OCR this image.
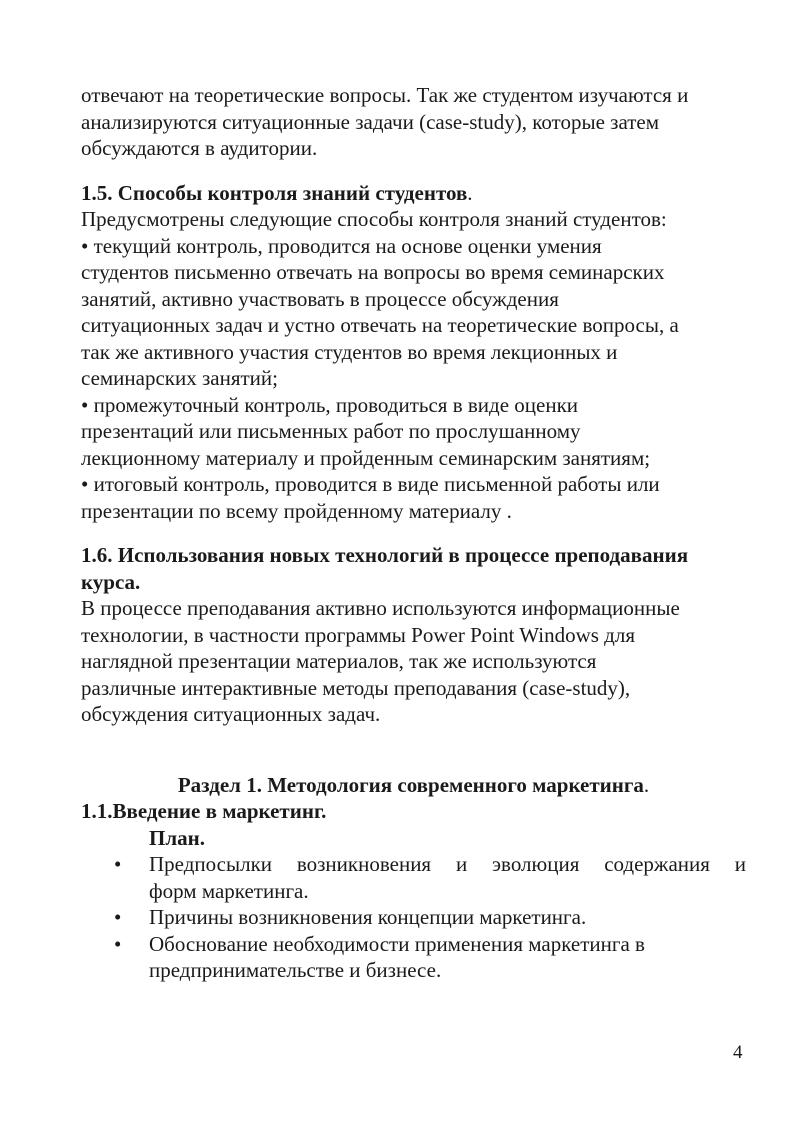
отвечают на теоретические вопросы. Так же студентом изучаются и
анализируются ситуационные задачи (case-study), которые затем
обсуждаются в аудитории.
1.5. Способы контроля знаний студентов.
Предусмотрены следующие способы контроля знаний студентов:
• текущий контроль, проводится на основе оценки умения
студентов письменно отвечать на вопросы во время семинарских
занятий, активно участвовать в процессе обсуждения
ситуационных задач и устно отвечать на теоретические вопросы, а
так же активного участия студентов во время лекционных и
семинарских занятий;
• промежуточный контроль, проводиться в виде оценки
презентаций или письменных работ по прослушанному
лекционному материалу и пройденным семинарским занятиям;
• итоговый контроль, проводится в виде письменной работы или
презентации по всему пройденному материалу .
1.6. Использования новых технологий в процессе преподавания
курса.
В процессе преподавания активно используются информационные
технологии, в частности программы Power Point Windows для
наглядной презентации материалов, так же используются
различные интерактивные методы преподавания (case-study),
обсуждения ситуационных задач.
Раздел 1. Методология современного маркетинга.
1.1.Введение в маркетинг.
План.
• Предпосылки возникновения и эволюция содержания и
форм маркетинга.
• Причины возникновения концепции маркетинга.
• Обоснование необходимости применения маркетинга в
предпринимательстве и бизнесе.
4
